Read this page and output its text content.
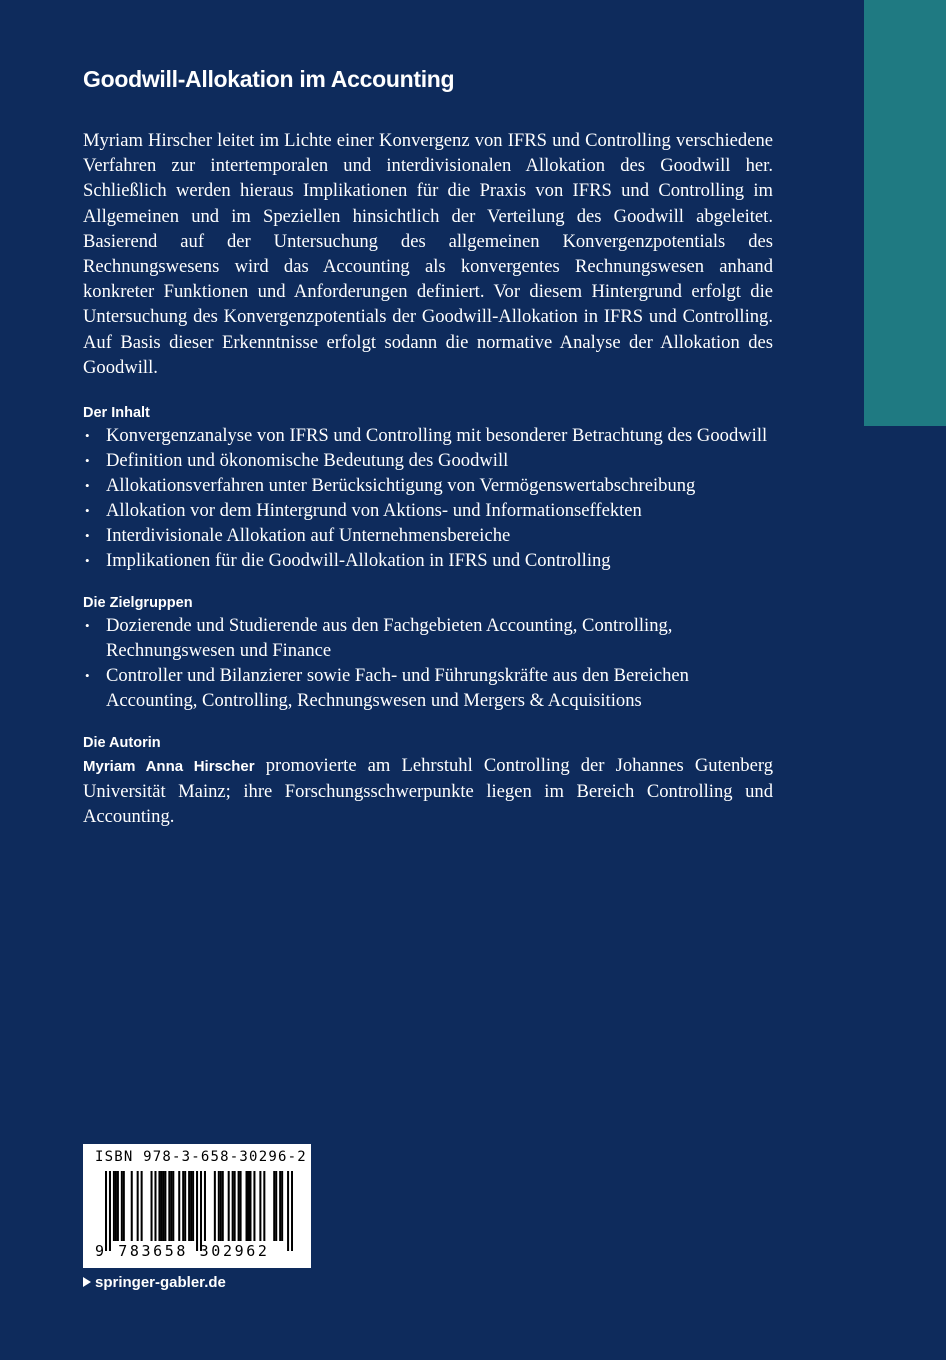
Goodwill-Allokation im Accounting

Myriam Hirscher leitet im Lichte einer Konvergenz von IFRS und Controlling verschiedene Verfahren zur intertemporalen und interdivisionalen Allokation des Goodwill her. Schließlich werden hieraus Implikationen für die Praxis von IFRS und Controlling im Allgemeinen und im Speziellen hinsichtlich der Verteilung des Goodwill abgeleitet. Basierend auf der Untersuchung des allgemeinen Konvergenzpotentials des Rechnungswesens wird das Accounting als konvergentes Rechnungswesen anhand konkreter Funktionen und Anforderungen definiert. Vor diesem Hintergrund erfolgt die Untersuchung des Konvergenzpotentials der Goodwill-Allokation in IFRS und Controlling. Auf Basis dieser Erkenntnisse erfolgt sodann die normative Analyse der Allokation des Goodwill.

Der Inhalt
• Konvergenzanalyse von IFRS und Controlling mit besonderer Betrachtung des Goodwill
• Definition und ökonomische Bedeutung des Goodwill
• Allokationsverfahren unter Berücksichtigung von Vermögenswertabschreibung
• Allokation vor dem Hintergrund von Aktions- und Informationseffekten
• Interdivisionale Allokation auf Unternehmensbereiche
• Implikationen für die Goodwill-Allokation in IFRS und Controlling
Die Zielgruppen
• Dozierende und Studierende aus den Fachgebieten Accounting, Controlling, Rechnungswesen und Finance
• Controller und Bilanzierer sowie Fach- und Führungskräfte aus den Bereichen Accounting, Controlling, Rechnungswesen und Mergers & Acquisitions
Die Autorin

Myriam Anna Hirscher promovierte am Lehrstuhl Controlling der Johannes Gutenberg Universität Mainz; ihre Forschungsschwerpunkte liegen im Bereich Controlling und Accounting.

ISBN 978-3-658-30296-2
9 783658 302962
springer-gabler.de
